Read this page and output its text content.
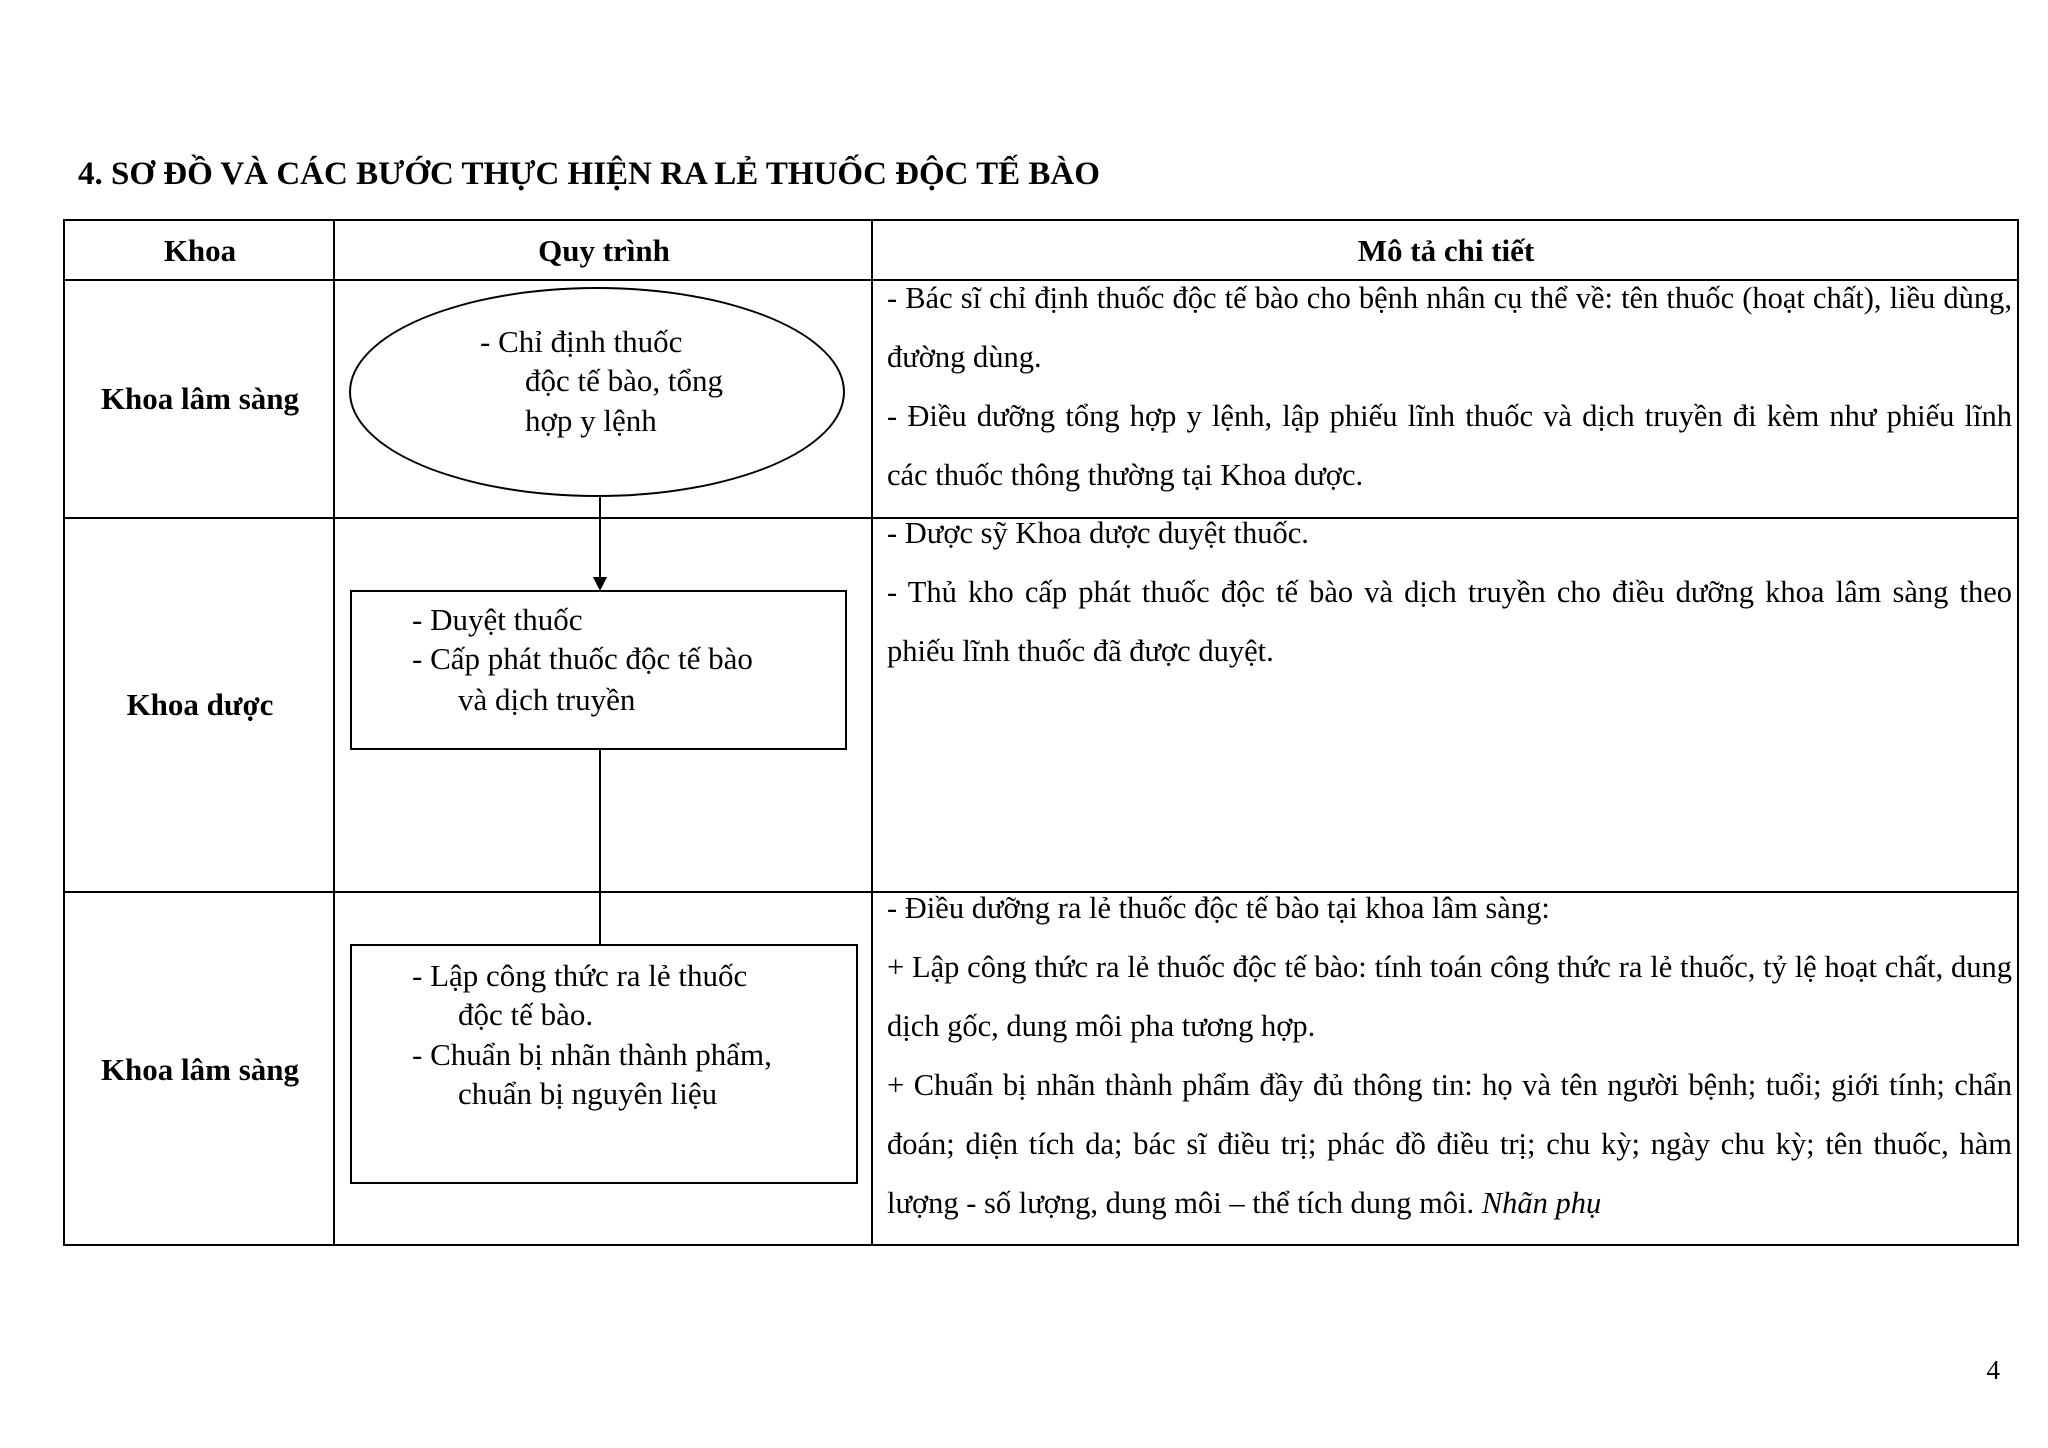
4. SƠ ĐỒ VÀ CÁC BƯỚC THỰC HIỆN RA LẺ THUỐC ĐỘC TẾ BÀO
Khoa	Quy trình	Mô tả chi tiết
Khoa lâm sàng
Khoa dược
Khoa lâm sàng

- Bác sĩ chỉ định thuốc độc tế bào cho bệnh nhân cụ thể về: tên thuốc (hoạt chất), liều dùng, đường dùng.

- Điều dưỡng tổng hợp y lệnh, lập phiếu lĩnh thuốc và dịch truyền đi kèm như phiếu lĩnh các thuốc thông thường tại Khoa dược.

- Dược sỹ Khoa dược duyệt thuốc.

- Thủ kho cấp phát thuốc độc tế bào và dịch truyền cho điều dưỡng khoa lâm sàng theo phiếu lĩnh thuốc đã được duyệt.

- Điều dưỡng ra lẻ thuốc độc tế bào tại khoa lâm sàng:

+ Lập công thức ra lẻ thuốc độc tế bào: tính toán công thức ra lẻ thuốc, tỷ lệ hoạt chất, dung dịch gốc, dung môi pha tương hợp.

+ Chuẩn bị nhãn thành phẩm đầy đủ thông tin: họ và tên người bệnh; tuổi; giới tính; chẩn đoán; diện tích da; bác sĩ điều trị; phác đồ điều trị; chu kỳ; ngày chu kỳ; tên thuốc, hàm lượng - số lượng, dung môi – thể tích dung môi. Nhãn phụ

- Chỉ định thuốc
độc tế bào, tổng
hợp y lệnh
- Duyệt thuốc
- Cấp phát thuốc độc tế bào
và dịch truyền
- Lập công thức ra lẻ thuốc
độc tế bào.
- Chuẩn bị nhãn thành phẩm,
chuẩn bị nguyên liệu
4
